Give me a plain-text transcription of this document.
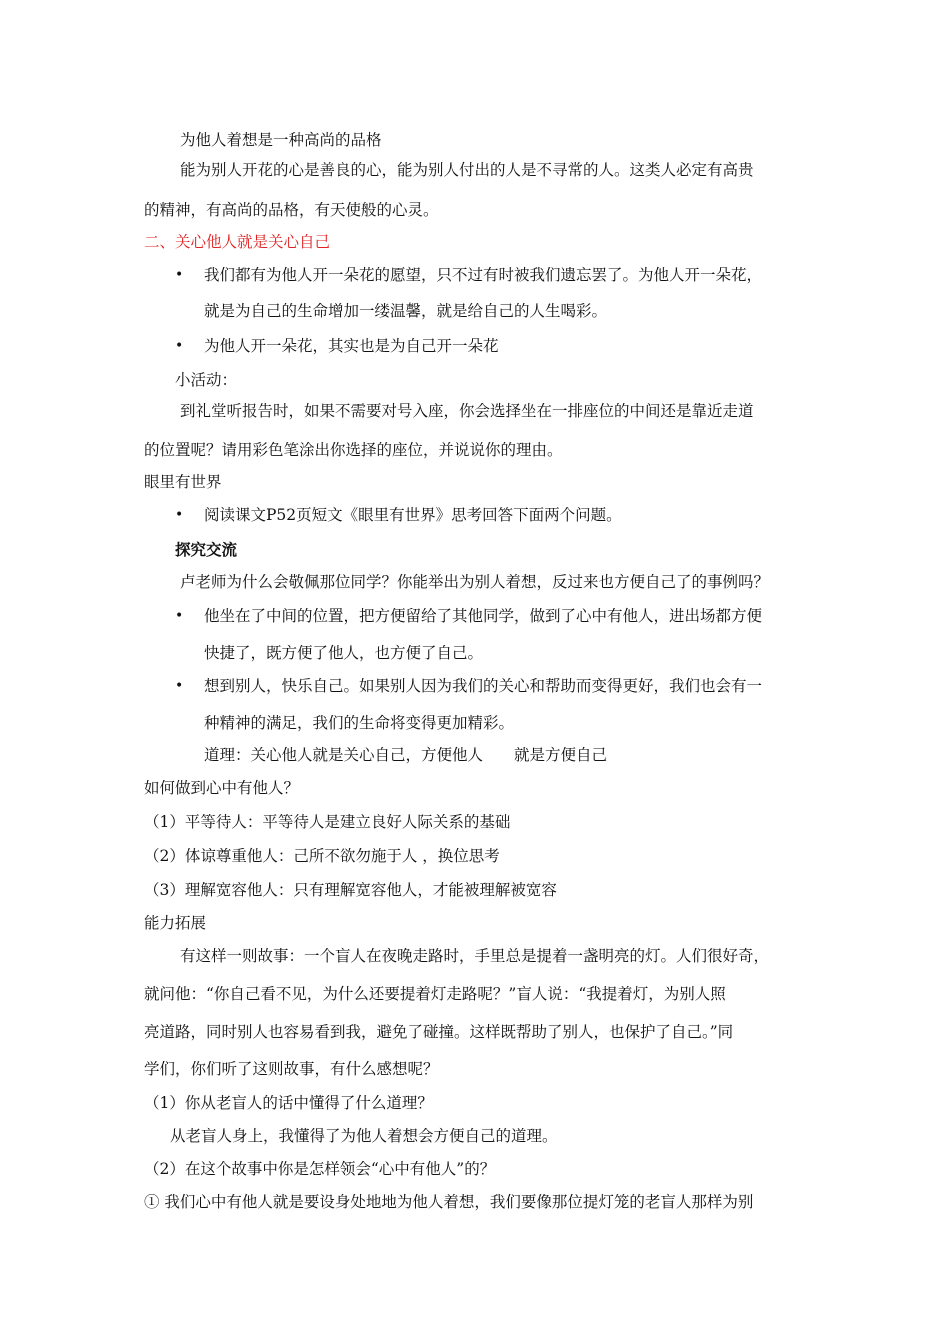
为他人着想是一种高尚的品格
能为别人开花的心是善良的心，能为别人付出的人是不寻常的人。这类人必定有高贵
的精神，有高尚的品格，有天使般的心灵。
二、关心他人就是关心自己
• 我们都有为他人开一朵花的愿望，只不过有时被我们遗忘罢了。为他人开一朵花，
就是为自己的生命增加一缕温馨，就是给自己的人生喝彩。
• 为他人开一朵花，其实也是为自己开一朵花
小活动：
到礼堂听报告时，如果不需要对号入座，你会选择坐在一排座位的中间还是靠近走道
的位置呢？请用彩色笔涂出你选择的座位，并说说你的理由。
眼里有世界
• 阅读课文P52页短文《眼里有世界》思考回答下面两个问题。
探究交流
卢老师为什么会敬佩那位同学？你能举出为别人着想，反过来也方便自己了的事例吗？
• 他坐在了中间的位置，把方便留给了其他同学，做到了心中有他人，进出场都方便
快捷了，既方便了他人，也方便了自己。
• 想到别人，快乐自己。如果别人因为我们的关心和帮助而变得更好，我们也会有一
种精神的满足，我们的生命将变得更加精彩。
道理：关心他人就是关心自己，方便他人　　就是方便自己
如何做到心中有他人？
（1）平等待人：平等待人是建立良好人际关系的基础
（2）体谅尊重他人：己所不欲勿施于人 ，换位思考
（3）理解宽容他人：只有理解宽容他人，才能被理解被宽容
能力拓展
有这样一则故事：一个盲人在夜晚走路时，手里总是提着一盏明亮的灯。人们很好奇，
就问他：“你自己看不见，为什么还要提着灯走路呢？”盲人说：“我提着灯，为别人照
亮道路，同时别人也容易看到我，避免了碰撞。这样既帮助了别人，也保护了自己。”同
学们，你们听了这则故事，有什么感想呢？
（1）你从老盲人的话中懂得了什么道理？
从老盲人身上，我懂得了为他人着想会方便自己的道理。
（2）在这个故事中你是怎样领会“心中有他人”的？
① 我们心中有他人就是要设身处地地为他人着想，我们要像那位提灯笼的老盲人那样为别
